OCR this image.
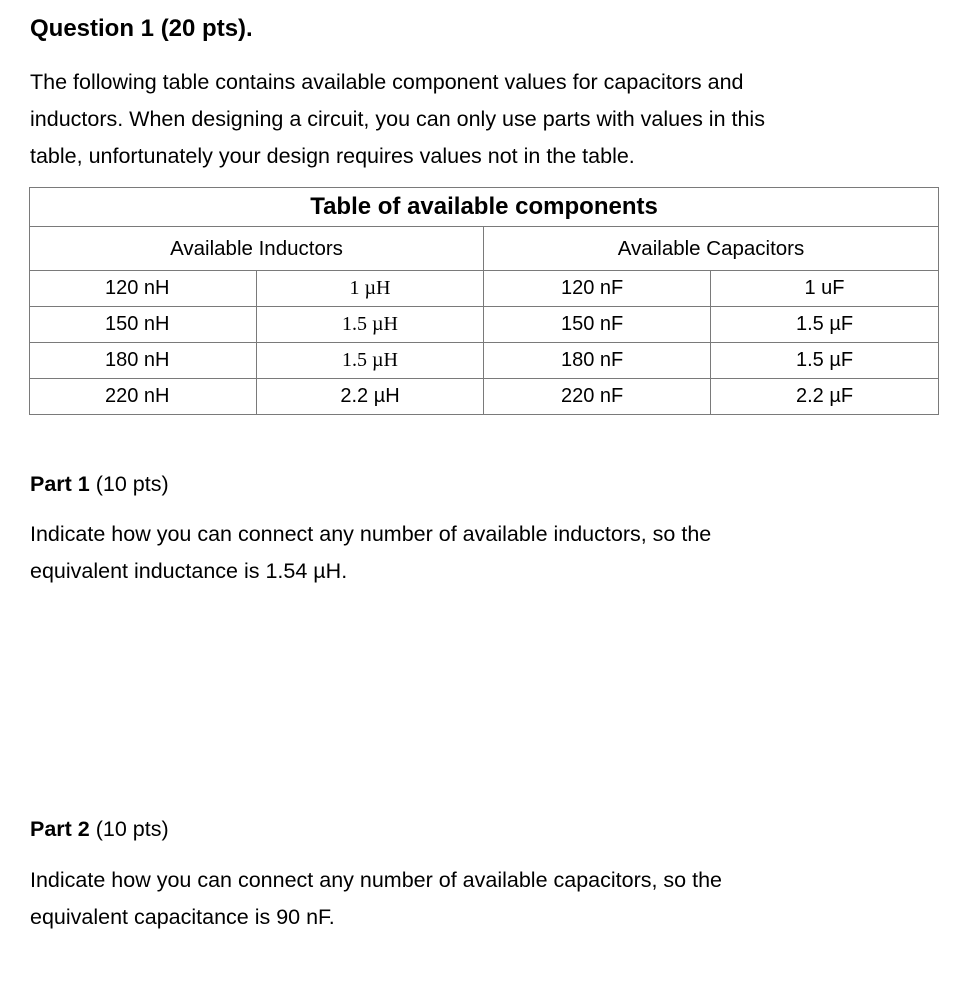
Question 1 (20 pts).
The following table contains available component values for capacitors and
inductors. When designing a circuit, you can only use parts with values in this
table, unfortunately your design requires values not in the table.
Table of available components			
Available Inductors		Available Capacitors	
120 nH	1 µH	120 nF	1 uF
150 nH	1.5 µH	150 nF	1.5 µF
180 nH	1.5 µH	180 nF	1.5 µF
220 nH	2.2 µH	220 nF	2.2 µF

Part 1 (10 pts)

Indicate how you can connect any number of available inductors, so the
equivalent inductance is 1.54 µH.

Part 2 (10 pts)

Indicate how you can connect any number of available capacitors, so the
equivalent capacitance is 90 nF.
